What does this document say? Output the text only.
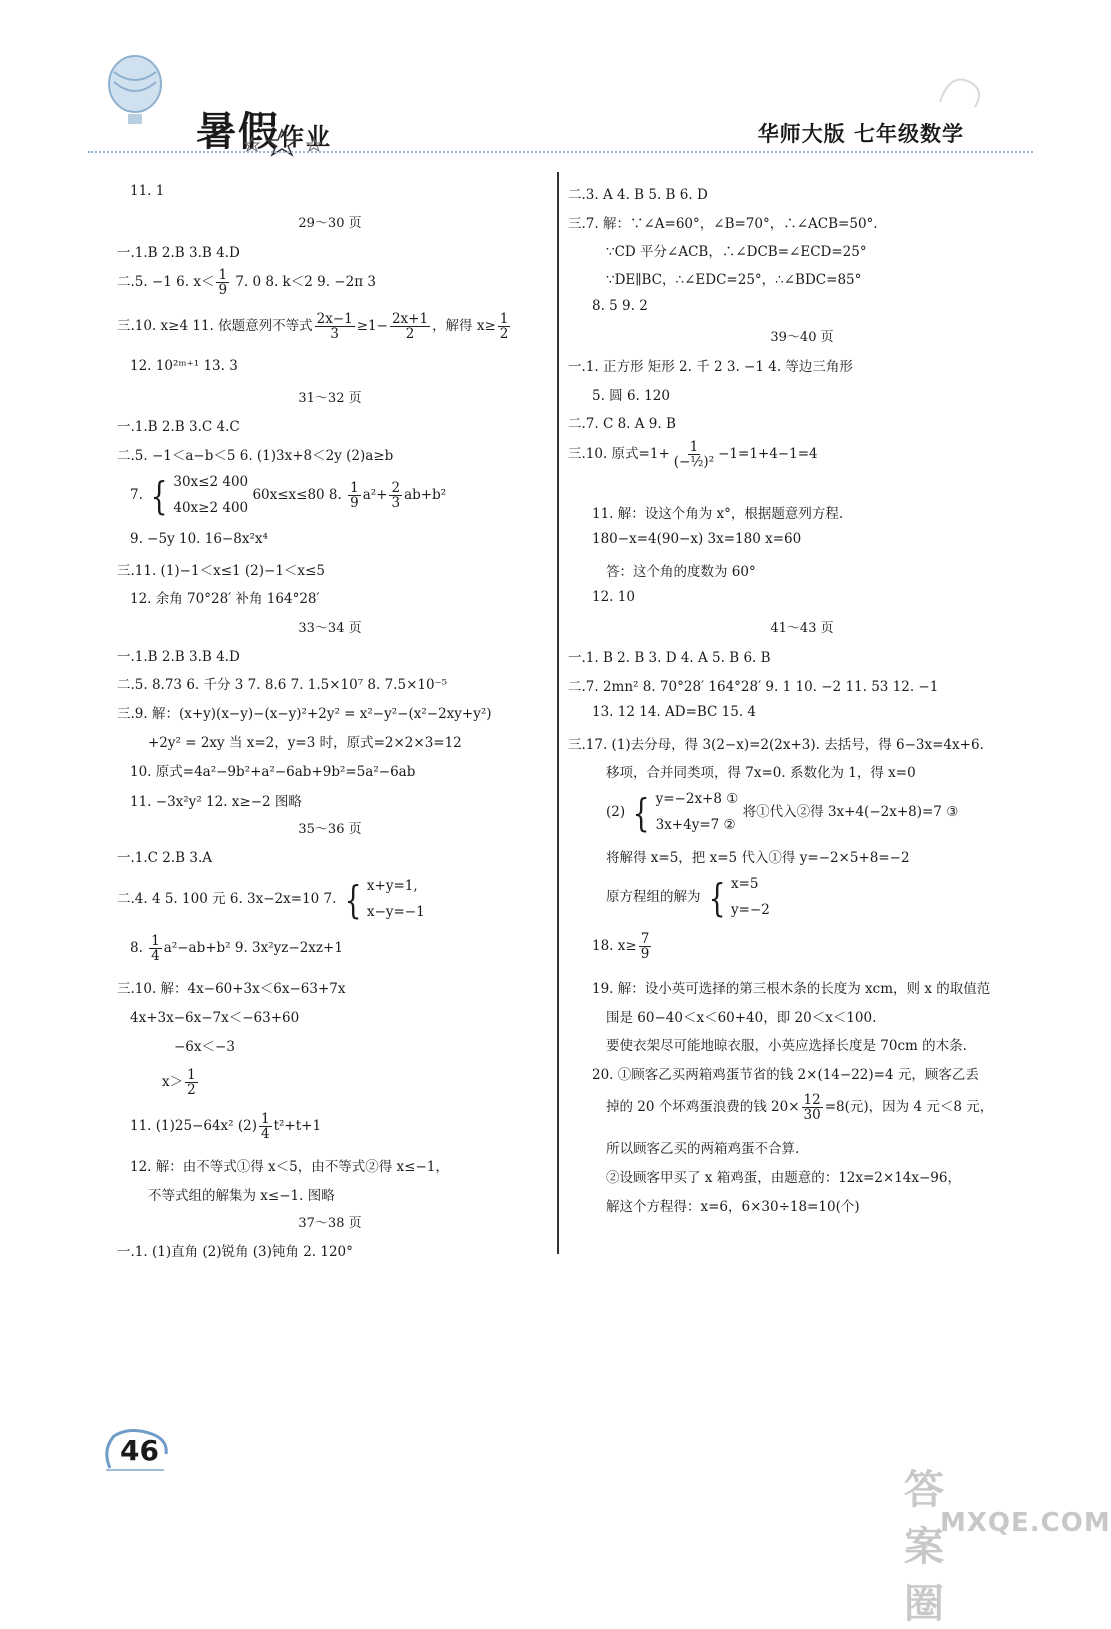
暑假作业	华师大版 七年级数学
11. 1
29～30 页
一.1.B 2.B 3.B 4.D
二.5. −1 6. $x< \frac{1}{9} 7$. 0 8. k＜2 9. −2π 3
三.10. x≥4 11. 依题意列不等式 $\frac{2x-1}{3} \ge 1- \frac{2x+1}{2}$ ，解得 $x\ge \frac{1}{2}$
12. 10²ᵐ⁺¹ 13. 3
31～32 页
一.1.B 2.B 3.C 4.C
二.5. −1＜a−b＜5 6. (1)3x+8＜2y (2)a≥b
7. { 30x≤2 400
40x≥2 400
60x≤x≤80 8. $\frac{1}{9} a^2+ \frac{2}{3} ab+b^2$
9. −5y 10. 16−8x²x⁴
三.11. (1)−1＜x≤1 (2)−1＜x≤5
12. 余角 70°28′ 补角 164°28′
33～34 页
一.1.B 2.B 3.B 4.D
二.5. 8.73 6. 千分 3 7. 8.6 7. 1.5×10⁷ 8. 7.5×10⁻⁵
三.9. 解：(x+y)(x−y)−(x−y)²+2y² = x²−y²−(x²−2xy+y²)
+2y² = 2xy 当 x=2，y=3 时，原式=2×2×3=12
10. 原式=4a²−9b²+a²−6ab+9b²=5a²−6ab
11. −3x²y² 12. x≥−2 图略
35～36 页
一.1.C 2.B 3.A
二.4. 4 5. 100 元 6. 3x−2x=10 7. { x+y=1,
x−y=−1
8. $\frac{1}{4} a^2-ab+b^2$ 9. 3x²yz−2xz+1
三.10. 解：4x−60+3x＜6x−63+7x
4x+3x−6x−7x＜−63+60
−6x＜−3
$x> \frac{1}{2}$
11. (1)25−64x² $(2) \frac{1}{4} t^2+t+1$
12. 解：由不等式①得 x＜5，由不等式②得 x≤−1，
不等式组的解集为 x≤−1. 图略
37～38 页
一.1. (1)直角 (2)锐角 (3)钝角 2. 120°
二.3. A 4. B 5. B 6. D
三.7. 解：∵∠A=60°，∠B=70°，∴∠ACB=50°.
∵CD 平分∠ACB，∴∠DCB=∠ECD=25°
∵DE∥BC，∴∠EDC=25°，∴∠BDC=85°
8. 5 9. 2
39～40 页
一.1. 正方形 矩形 2. 千 2 3. −1 4. 等边三角形
5. 圆 6. 120
二.7. C 8. A 9. B
三.10. 原式$=1+ \frac{1}{\text{(−½)²}} -1=1+4-1=4$
11. 解：设这个角为 x°，根据题意列方程.
180−x=4(90−x) 3x=180 x=60
答：这个角的度数为 60°
12. 10
41～43 页
一.1. B 2. B 3. D 4. A 5. B 6. B
二.7. 2mn² 8. 70°28′ 164°28′ 9. 1 10. −2 11. 53 12. −1
13. 12 14. AD=BC 15. 4
三.17. (1)去分母，得 3(2−x)=2(2x+3). 去括号，得 6−3x=4x+6.
移项，合并同类项，得 7x=0. 系数化为 1，得 x=0
(2) { y=−2x+8 ①
3x+4y=7 ②
将①代入②得 3x+4(−2x+8)=7 ③
将解得 x=5，把 x=5 代入①得 y=−2×5+8=−2
原方程组的解为 { x=5
y=−2
18. $x\ge \frac{7}{9}$
19. 解：设小英可选择的第三根木条的长度为 xcm，则 x 的取值范
围是 60−40＜x＜60+40，即 20＜x＜100.
要使衣架尽可能地晾衣服，小英应选择长度是 70cm 的木条.
20. ①顾客乙买两箱鸡蛋节省的钱 2×(14−22)=4 元，顾客乙丢
掉的 20 个坏鸡蛋浪费的钱 $20\times \frac{12}{30} =8$(元)，因为 4 元＜8 元，
所以顾客乙买的两箱鸡蛋不合算.
②设顾客甲买了 x 箱鸡蛋，由题意的：12x=2×14x−96，
解这个方程得：x=6，6×30÷18=10(个)
46
答案圈
MXQE.COM
